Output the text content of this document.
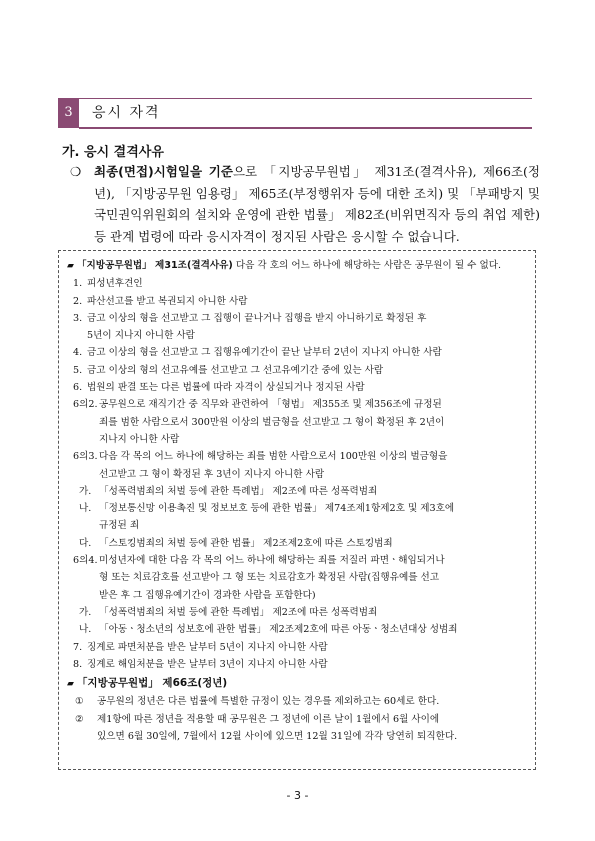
3	응시 자격
가. 응시 결격사유
❍	최종(면접)시험일을 기준으로 「지방공무원법」 제31조(결격사유), 제66조(정년), 「지방공무원 임용령」 제65조(부정행위자 등에 대한 조치) 및 「부패방지 및 국민권익위원회의 설치와 운영에 관한 법률」 제82조(비위면직자 등의 취업 제한) 등 관계 법령에 따라 응시자격이 정지된 사람은 응시할 수 없습니다.
▰ 「지방공무원법」 제31조(결격사유) 다음 각 호의 어느 하나에 해당하는 사람은 공무원이 될 수 없다.
1. 피성년후견인
2. 파산선고를 받고 복권되지 아니한 사람
3. 금고 이상의 형을 선고받고 그 집행이 끝나거나 집행을 받지 아니하기로 확정된 후
5년이 지나지 아니한 사람
4. 금고 이상의 형을 선고받고 그 집행유예기간이 끝난 날부터 2년이 지나지 아니한 사람
5. 금고 이상의 형의 선고유예를 선고받고 그 선고유예기간 중에 있는 사람
6. 법원의 판결 또는 다른 법률에 따라 자격이 상실되거나 정지된 사람
6의2. 공무원으로 재직기간 중 직무와 관련하여 「형법」 제355조 및 제356조에 규정된
죄를 범한 사람으로서 300만원 이상의 벌금형을 선고받고 그 형이 확정된 후 2년이
지나지 아니한 사람
6의3. 다음 각 목의 어느 하나에 해당하는 죄를 범한 사람으로서 100만원 이상의 벌금형을
선고받고 그 형이 확정된 후 3년이 지나지 아니한 사람
가. 「성폭력범죄의 처벌 등에 관한 특례법」 제2조에 따른 성폭력범죄
나. 「정보통신망 이용촉진 및 정보보호 등에 관한 법률」 제74조제1항제2호 및 제3호에
규정된 죄
다. 「스토킹범죄의 처벌 등에 관한 법률」 제2조제2호에 따른 스토킹범죄
6의4. 미성년자에 대한 다음 각 목의 어느 하나에 해당하는 죄를 저질러 파면ㆍ해임되거나
형 또는 치료감호를 선고받아 그 형 또는 치료감호가 확정된 사람(집행유예를 선고
받은 후 그 집행유예기간이 경과한 사람을 포함한다)
가. 「성폭력범죄의 처벌 등에 관한 특례법」 제2조에 따른 성폭력범죄
나. 「아동ㆍ청소년의 성보호에 관한 법률」 제2조제2호에 따른 아동ㆍ청소년대상 성범죄
7. 징계로 파면처분을 받은 날부터 5년이 지나지 아니한 사람
8. 징계로 해임처분을 받은 날부터 3년이 지나지 아니한 사람
▰ 「지방공무원법」 제66조(정년)
①	공무원의 정년은 다른 법률에 특별한 규정이 있는 경우를 제외하고는 60세로 한다.
②	제1항에 따른 정년을 적용할 때 공무원은 그 정년에 이른 날이 1월에서 6월 사이에
있으면 6월 30일에, 7월에서 12월 사이에 있으면 12월 31일에 각각 당연히 퇴직한다.
- 3 -
